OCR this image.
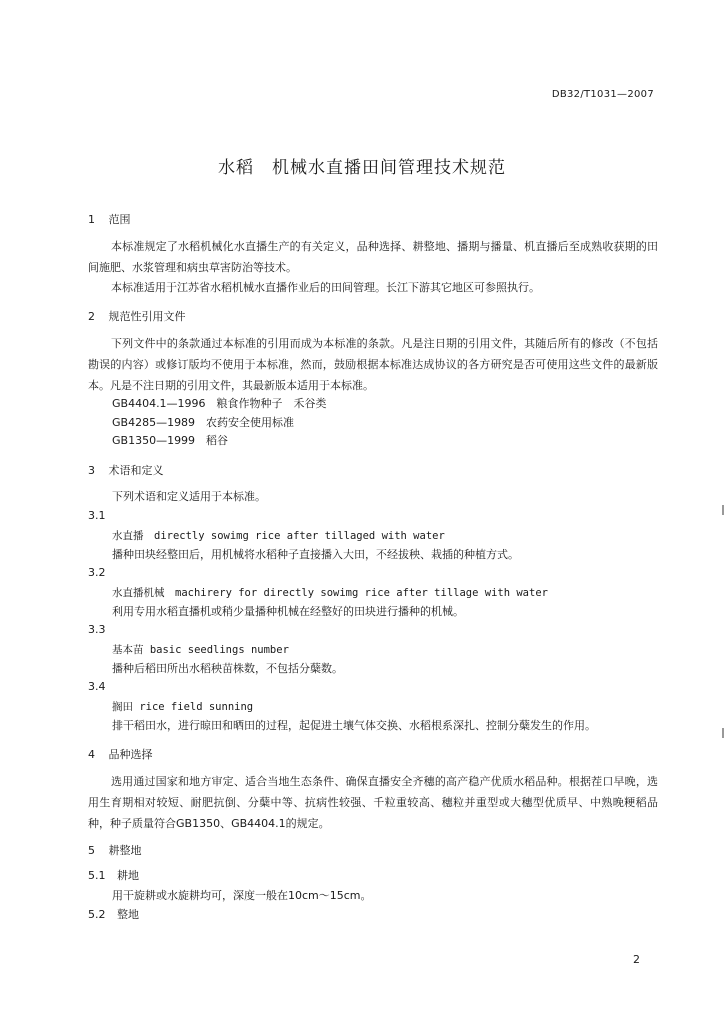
DB32/T1031—2007
水稻　机械水直播田间管理技术规范
1 范围
本标准规定了水稻机械化水直播生产的有关定义，品种选择、耕整地、播期与播量、机直播后至成熟收获期的田间施肥、水浆管理和病虫草害防治等技术。
本标准适用于江苏省水稻机械水直播作业后的田间管理。长江下游其它地区可参照执行。
2 规范性引用文件
下列文件中的条款通过本标准的引用而成为本标准的条款。凡是注日期的引用文件，其随后所有的修改（不包括勘误的内容）或修订版均不使用于本标准，然而，鼓励根据本标准达成协议的各方研究是否可使用这些文件的最新版本。凡是不注日期的引用文件，其最新版本适用于本标准。
GB4404.1—1996　粮食作物种子　禾谷类
GB4285—1989　农药安全使用标准
GB1350—1999　稻谷
3 术语和定义
下列术语和定义适用于本标准。
3.1
水直播　directly sowimg rice after tillaged with water
播种田块经整田后，用机械将水稻种子直接播入大田，不经拔秧、栽插的种植方式。
3.2
水直播机械　machirery for directly sowimg rice after tillage with water
利用专用水稻直播机或稍少量播种机械在经整好的田块进行播种的机械。
3.3
基本苗 basic seedlings number
播种后稻田所出水稻秧苗株数，不包括分蘖数。
3.4
搁田 rice field sunning
排干稻田水，进行晾田和晒田的过程，起促进土壤气体交换、水稻根系深扎、控制分蘖发生的作用。
4 品种选择
选用通过国家和地方审定、适合当地生态条件、确保直播安全齐穗的高产稳产优质水稻品种。根据茬口早晚，选用生育期相对较短、耐肥抗倒、分蘖中等、抗病性较强、千粒重较高、穗粒并重型或大穗型优质早、中熟晚粳稻品种，种子质量符合GB1350、GB4404.1的规定。
5 耕整地
5.1 耕地
用干旋耕或水旋耕均可，深度一般在10cm～15cm。
5.2 整地
2
